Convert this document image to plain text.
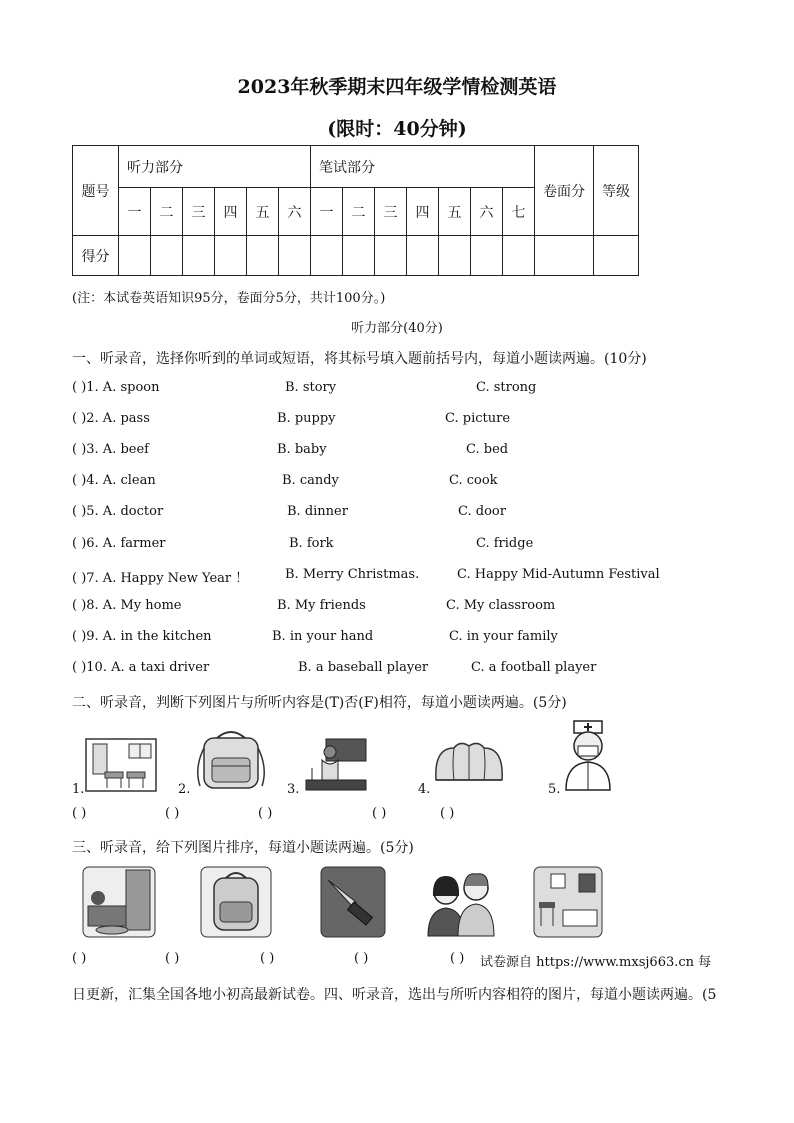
2023年秋季期末四年级学情检测英语
(限时：40分钟)
题号	听力部分						笔试部分							卷面分	等级
	一	二	三	四	五	六	一	二	三	四	五	六	七		
得分															
(注：本试卷英语知识95分，卷面分5分，共计100分。)
听力部分(40分)
一、听录音，选择你听到的单词或短语，将其标号填入题前括号内，每道小题读两遍。(10分)
( )1. A. spoon	B. story	C. strong
( )2. A. pass	B. puppy	C. picture
( )3. A. beef	B. baby	C. bed
( )4. A. clean	B. candy	C. cook
( )5. A. doctor	B. dinner	C. door
( )6. A. farmer	B. fork	C. fridge
( )7. A. Happy New Year ！	B. Merry Christmas.	C. Happy Mid-Autumn Festival
( )8. A. My home	B. My friends	C. My classroom
( )9. A. in the kitchen	B. in your hand	C. in your family
( )10. A. a taxi driver	B. a baseball player	C. a football player
二、听录音，判断下列图片与所听内容是(T)否(F)相符，每道小题读两遍。(5分)
1.	2.	3.	4.	5.
( )	( )	( )	( )	( )
三、听录音，给下列图片排序，每道小题读两遍。(5分)
( )	( )	( )	( )	( ) 试卷源自 https://www.mxsj663.cn 每
日更新，汇集全国各地小初高最新试卷。四、听录音，选出与所听内容相符的图片，每道小题读两遍。(5
